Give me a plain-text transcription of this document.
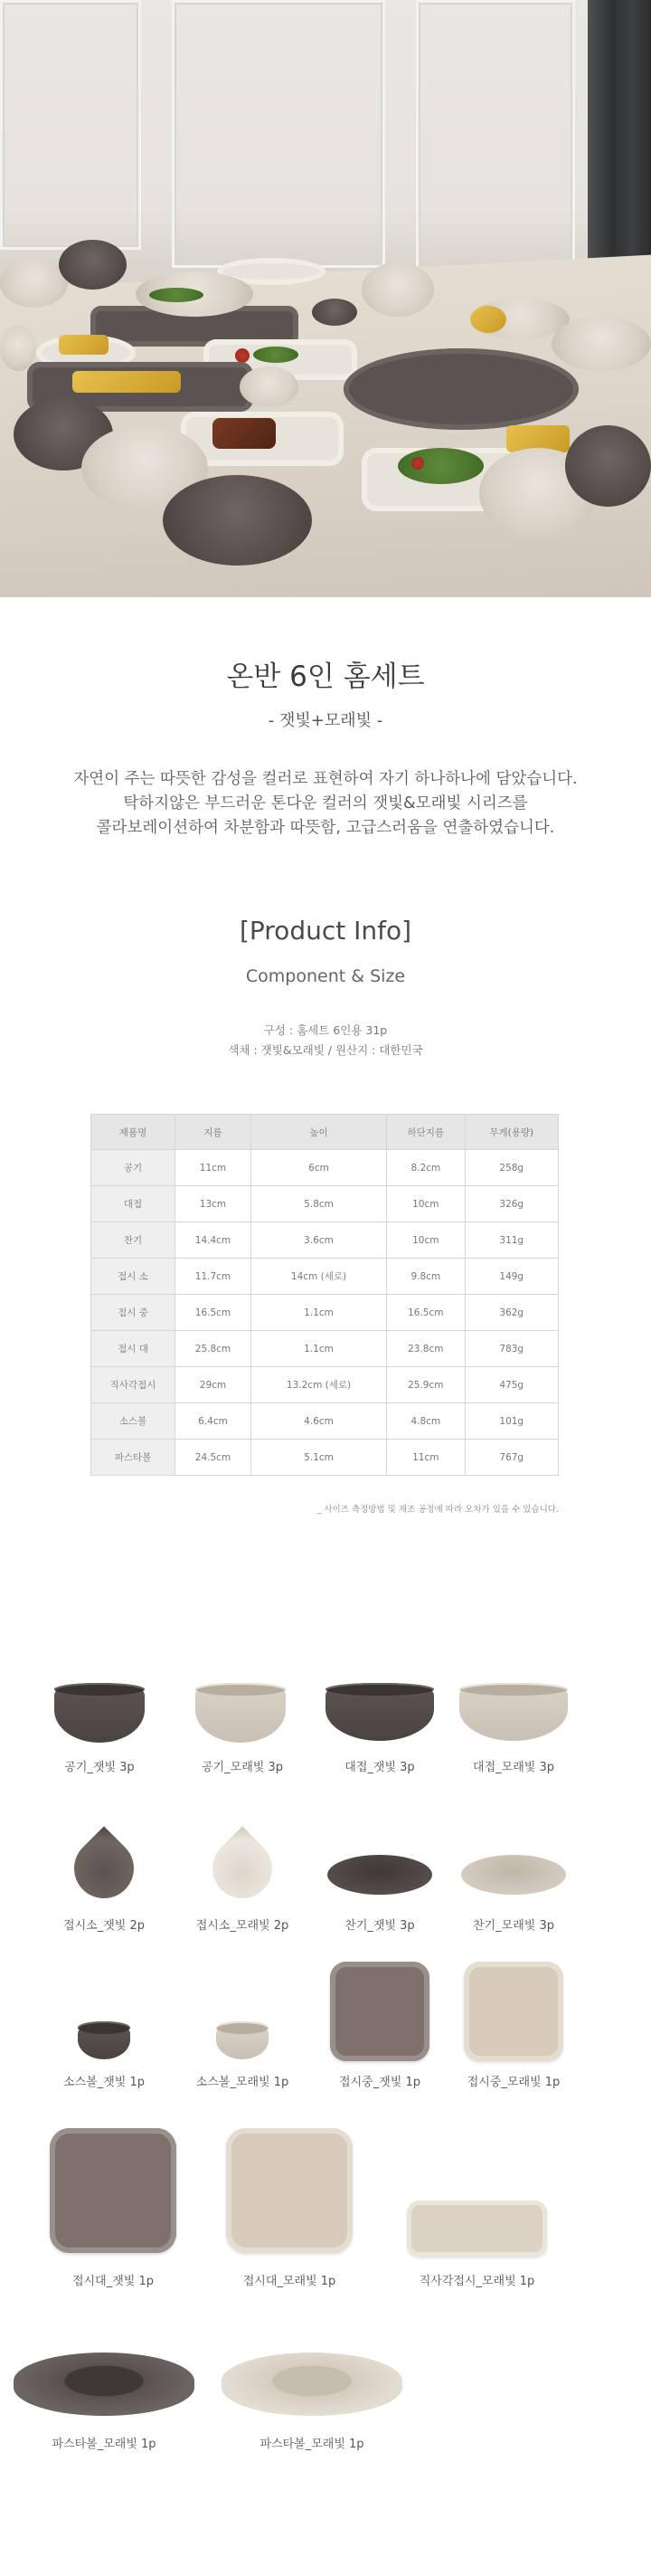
온반 6인 홈세트
- 잿빛+모래빛 -
자연이 주는 따뜻한 감성을 컬러로 표현하여 자기 하나하나에 담았습니다.
탁하지않은 부드러운 톤다운 컬러의 잿빛&모래빛 시리즈를
콜라보레이션하여 차분함과 따뜻함, 고급스러움을 연출하였습니다.
[Product Info]
Component & Size
구성 : 홈세트 6인용 31p
색채 : 잿빛&모래빛 / 원산지 : 대한민국
제품명	지름	높이	하단지름	무게(용량)
공기	11cm	6cm	8.2cm	258g
대접	13cm	5.8cm	10cm	326g
찬기	14.4cm	3.6cm	10cm	311g
접시 소	11.7cm	14cm (세로)	9.8cm	149g
접시 중	16.5cm	1.1cm	16.5cm	362g
접시 대	25.8cm	1.1cm	23.8cm	783g
직사각접시	29cm	13.2cm (세로)	25.9cm	475g
소스볼	6.4cm	4.6cm	4.8cm	101g
파스타볼	24.5cm	5.1cm	11cm	767g
_ 사이즈 측정방법 및 제조 공정에 따라 오차가 있을 수 있습니다.
공기_잿빛 3p	공기_모래빛 3p	대접_잿빛 3p	대접_모래빛 3p
접시소_잿빛 2p	접시소_모래빛 2p	찬기_잿빛 3p	찬기_모래빛 3p
소스볼_잿빛 1p	소스볼_모래빛 1p	접시중_잿빛 1p	접시중_모래빛 1p
접시대_잿빛 1p	접시대_모래빛 1p	직사각접시_모래빛 1p
파스타볼_모래빛 1p	파스타볼_모래빛 1p
